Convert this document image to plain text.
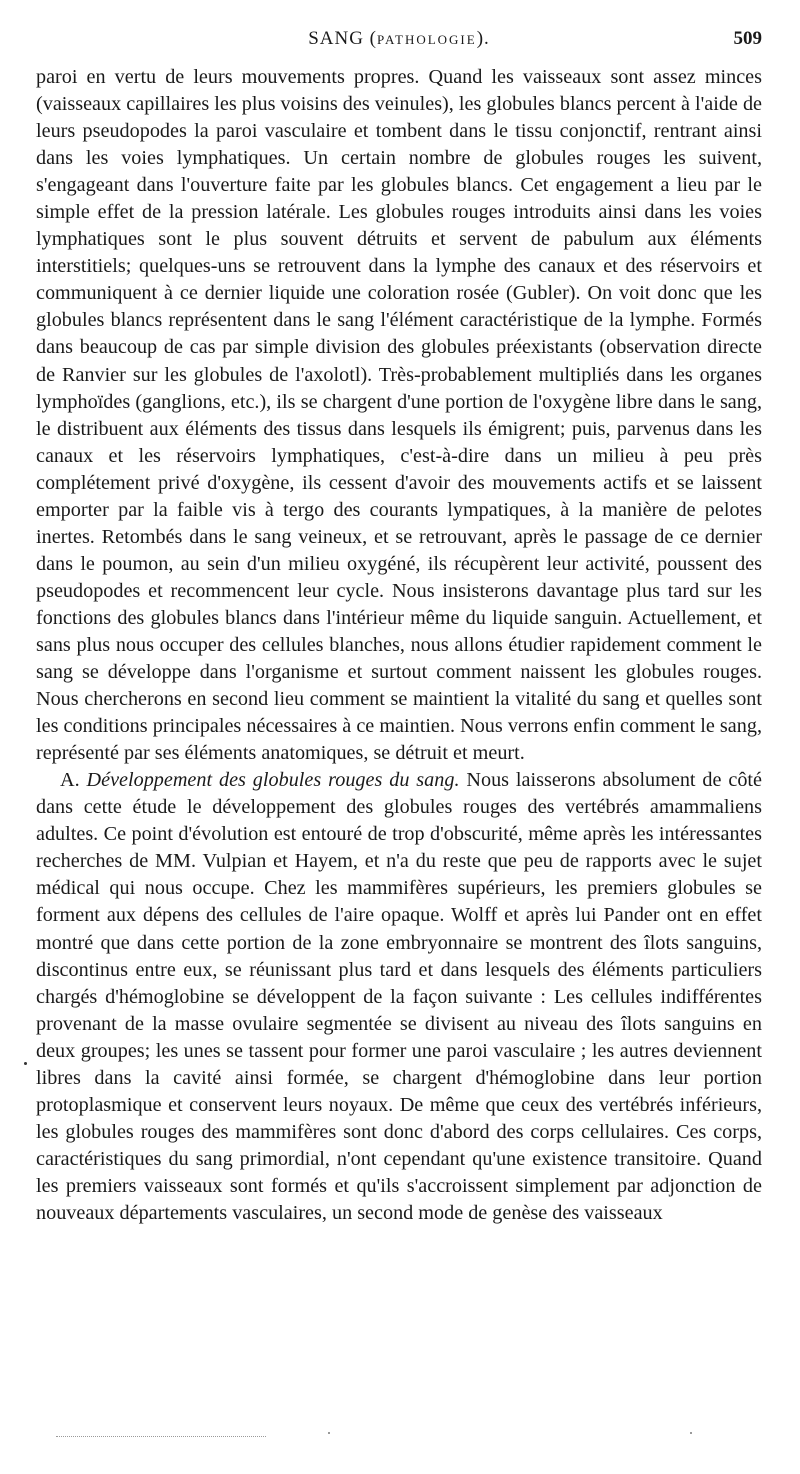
SANG (PATHOLOGIE).	509

paroi en vertu de leurs mouvements propres. Quand les vaisseaux sont assez minces (vaisseaux capillaires les plus voisins des veinules), les globules blancs percent à l'aide de leurs pseudopodes la paroi vasculaire et tombent dans le tissu conjonctif, rentrant ainsi dans les voies lymphatiques. Un certain nombre de globules rouges les suivent, s'engageant dans l'ouverture faite par les globules blancs. Cet engagement a lieu par le simple effet de la pression latérale. Les globules rouges introduits ainsi dans les voies lymphatiques sont le plus souvent détruits et servent de pabulum aux éléments interstitiels; quelques-uns se retrouvent dans la lymphe des canaux et des réservoirs et communiquent à ce dernier liquide une coloration rosée (Gubler). On voit donc que les globules blancs représentent dans le sang l'élément caractéristique de la lymphe. Formés dans beaucoup de cas par simple division des globules préexistants (observation directe de Ranvier sur les globules de l'axolotl). Très-probablement multipliés dans les organes lymphoïdes (ganglions, etc.), ils se chargent d'une portion de l'oxygène libre dans le sang, le distribuent aux éléments des tissus dans lesquels ils émigrent; puis, parvenus dans les canaux et les réservoirs lymphatiques, c'est-à-dire dans un milieu à peu près complétement privé d'oxygène, ils cessent d'avoir des mouvements actifs et se laissent emporter par la faible vis à tergo des courants lympatiques, à la manière de pelotes inertes. Retombés dans le sang veineux, et se retrouvant, après le passage de ce dernier dans le poumon, au sein d'un milieu oxygéné, ils récupèrent leur activité, poussent des pseudopodes et recommencent leur cycle. Nous insisterons davantage plus tard sur les fonctions des globules blancs dans l'intérieur même du liquide sanguin. Actuellement, et sans plus nous occuper des cellules blanches, nous allons étudier rapidement comment le sang se développe dans l'organisme et surtout comment naissent les globules rouges. Nous chercherons en second lieu comment se maintient la vitalité du sang et quelles sont les conditions principales nécessaires à ce maintien. Nous verrons enfin comment le sang, représenté par ses éléments anatomiques, se détruit et meurt.

A. Développement des globules rouges du sang. Nous laisserons absolument de côté dans cette étude le développement des globules rouges des vertébrés amammaliens adultes. Ce point d'évolution est entouré de trop d'obscurité, même après les intéressantes recherches de MM. Vulpian et Hayem, et n'a du reste que peu de rapports avec le sujet médical qui nous occupe. Chez les mammifères supérieurs, les premiers globules se forment aux dépens des cellules de l'aire opaque. Wolff et après lui Pander ont en effet montré que dans cette portion de la zone embryonnaire se montrent des îlots sanguins, discontinus entre eux, se réunissant plus tard et dans lesquels des éléments particuliers chargés d'hémoglobine se développent de la façon suivante : Les cellules indifférentes provenant de la masse ovulaire segmentée se divisent au niveau des îlots sanguins en deux groupes; les unes se tassent pour former une paroi vasculaire ; les autres deviennent libres dans la cavité ainsi formée, se chargent d'hémoglobine dans leur portion protoplasmique et conservent leurs noyaux. De même que ceux des vertébrés inférieurs, les globules rouges des mammifères sont donc d'abord des corps cellulaires. Ces corps, caractéristiques du sang primordial, n'ont cependant qu'une existence transitoire. Quand les premiers vaisseaux sont formés et qu'ils s'accroissent simplement par adjonction de nouveaux départements vasculaires, un second mode de genèse des vaisseaux
